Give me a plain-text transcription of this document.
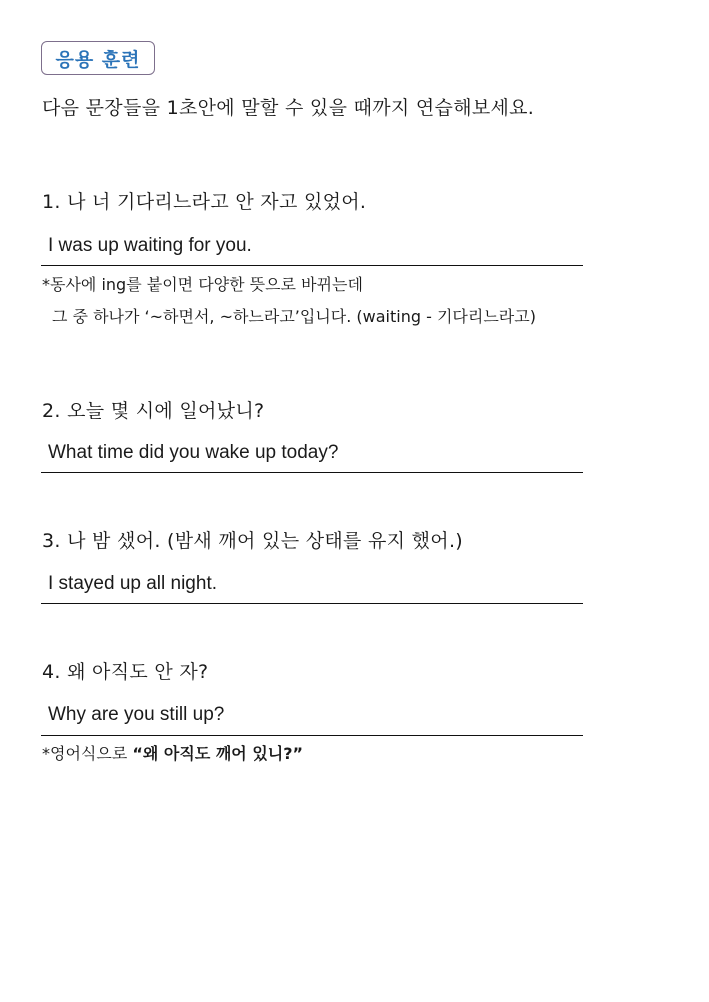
응용 훈련
다음 문장들을 1초안에 말할 수 있을 때까지 연습해보세요.
1. 나 너 기다리느라고 안 자고 있었어.
I was up waiting for you.
*동사에 ing를 붙이면 다양한 뜻으로 바뀌는데
그 중 하나가 ‘~하면서, ~하느라고’입니다. (waiting - 기다리느라고)
2. 오늘 몇 시에 일어났니?
What time did you wake up today?
3. 나 밤 샜어. (밤새 깨어 있는 상태를 유지 했어.)
I stayed up all night.
4. 왜 아직도 안 자?
Why are you still up?
*영어식으로 “왜 아직도 깨어 있니?”
